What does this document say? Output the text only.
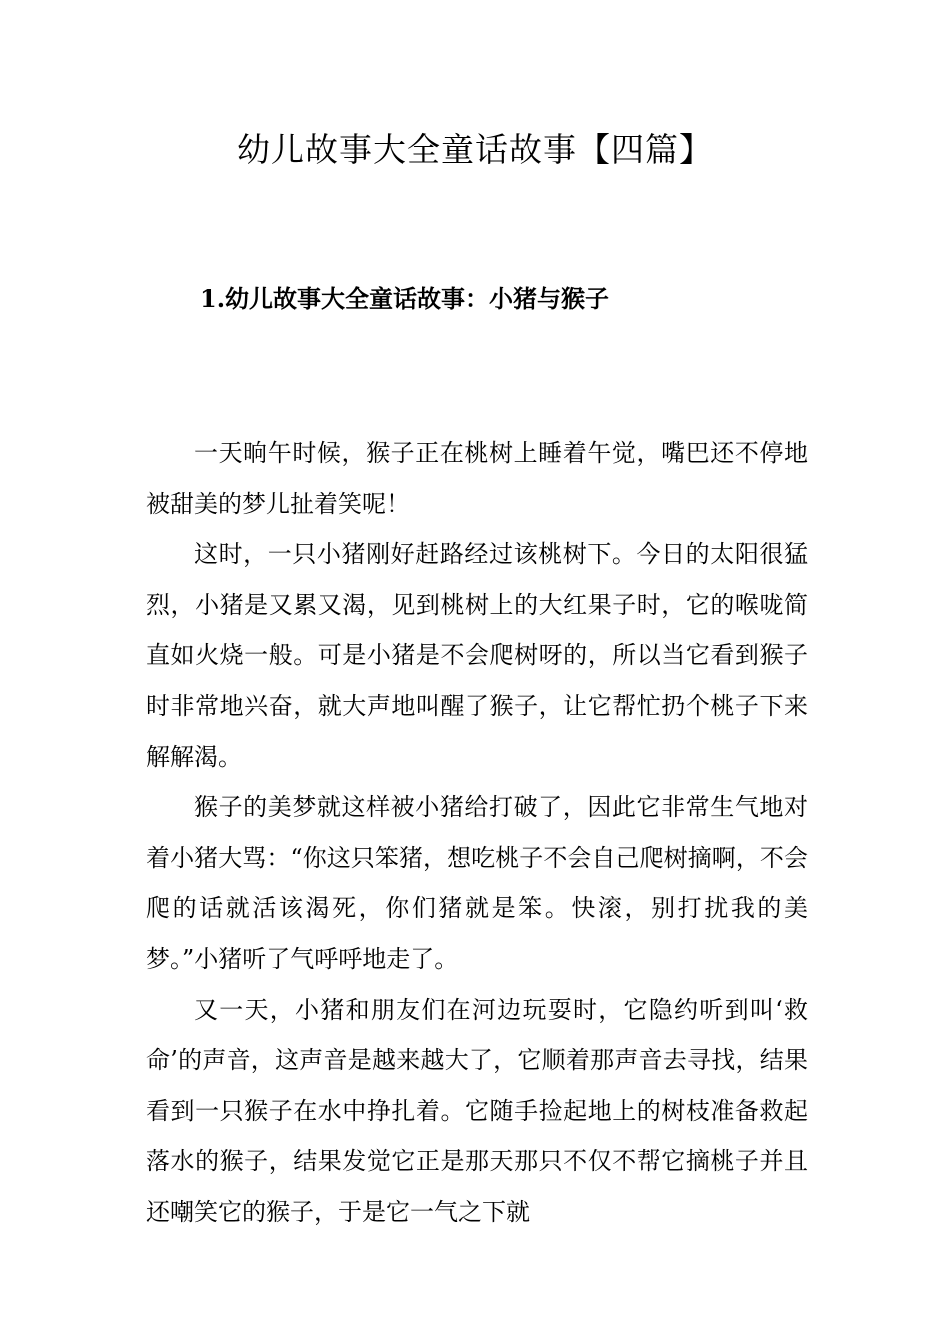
幼儿故事大全童话故事【四篇】
1.幼儿故事大全童话故事：小猪与猴子

一天晌午时候，猴子正在桃树上睡着午觉，嘴巴还不停地被甜美的梦儿扯着笑呢！

这时，一只小猪刚好赶路经过该桃树下。今日的太阳很猛烈，小猪是又累又渴，见到桃树上的大红果子时，它的喉咙简直如火烧一般。可是小猪是不会爬树呀的，所以当它看到猴子时非常地兴奋，就大声地叫醒了猴子，让它帮忙扔个桃子下来解解渴。

猴子的美梦就这样被小猪给打破了，因此它非常生气地对着小猪大骂：“你这只笨猪，想吃桃子不会自己爬树摘啊，不会爬的话就活该渴死，你们猪就是笨。快滚，别打扰我的美梦。”小猪听了气呼呼地走了。

又一天，小猪和朋友们在河边玩耍时，它隐约听到叫‘救命’的声音，这声音是越来越大了，它顺着那声音去寻找，结果看到一只猴子在水中挣扎着。它随手捡起地上的树枝准备救起落水的猴子，结果发觉它正是那天那只不仅不帮它摘桃子并且还嘲笑它的猴子，于是它一气之下就
